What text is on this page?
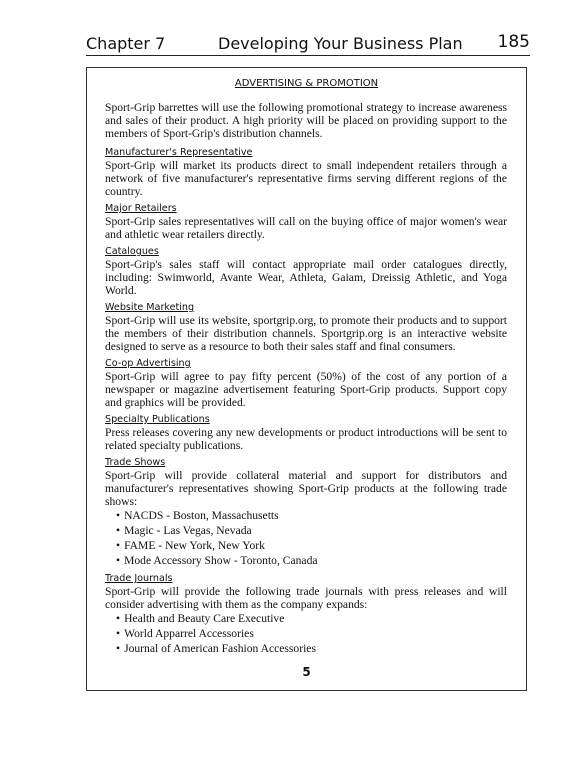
Chapter 7	Developing Your Business Plan 185
ADVERTISING & PROMOTION

Sport-Grip barrettes will use the following promotional strategy to increase awareness and sales of their product. A high priority will be placed on providing support to the members of Sport-Grip's distribution channels.

Manufacturer's Representative

Sport-Grip will market its products direct to small independent retailers through a network of five manufacturer's representative firms serving different regions of the country.

Major Retailers

Sport-Grip sales representatives will call on the buying office of major women's wear and athletic wear retailers directly.

Catalogues

Sport-Grip's sales staff will contact appropriate mail order catalogues directly, including: Swimworld, Avante Wear, Athleta, Gaiam, Dreissig Athletic, and Yoga World.

Website Marketing

Sport-Grip will use its website, sportgrip.org, to promote their products and to support the members of their distribution channels. Sportgrip.org is an interactive website designed to serve as a resource to both their sales staff and final consumers.

Co-op Advertising

Sport-Grip will agree to pay fifty percent (50%) of the cost of any portion of a newspaper or magazine advertisement featuring Sport-Grip products. Support copy and graphics will be provided.

Specialty Publications

Press releases covering any new developments or product introductions will be sent to related specialty publications.

Trade Shows

Sport-Grip will provide collateral material and support for distributors and manufacturer's representatives showing Sport-Grip products at the following trade shows:

• NACDS - Boston, Massachusetts
• Magic - Las Vegas, Nevada
• FAME - New York, New York
• Mode Accessory Show - Toronto, Canada
Trade Journals

Sport-Grip will provide the following trade journals with press releases and will consider advertising with them as the company expands:

• Health and Beauty Care Executive
• World Apparrel Accessories
• Journal of American Fashion Accessories
5
